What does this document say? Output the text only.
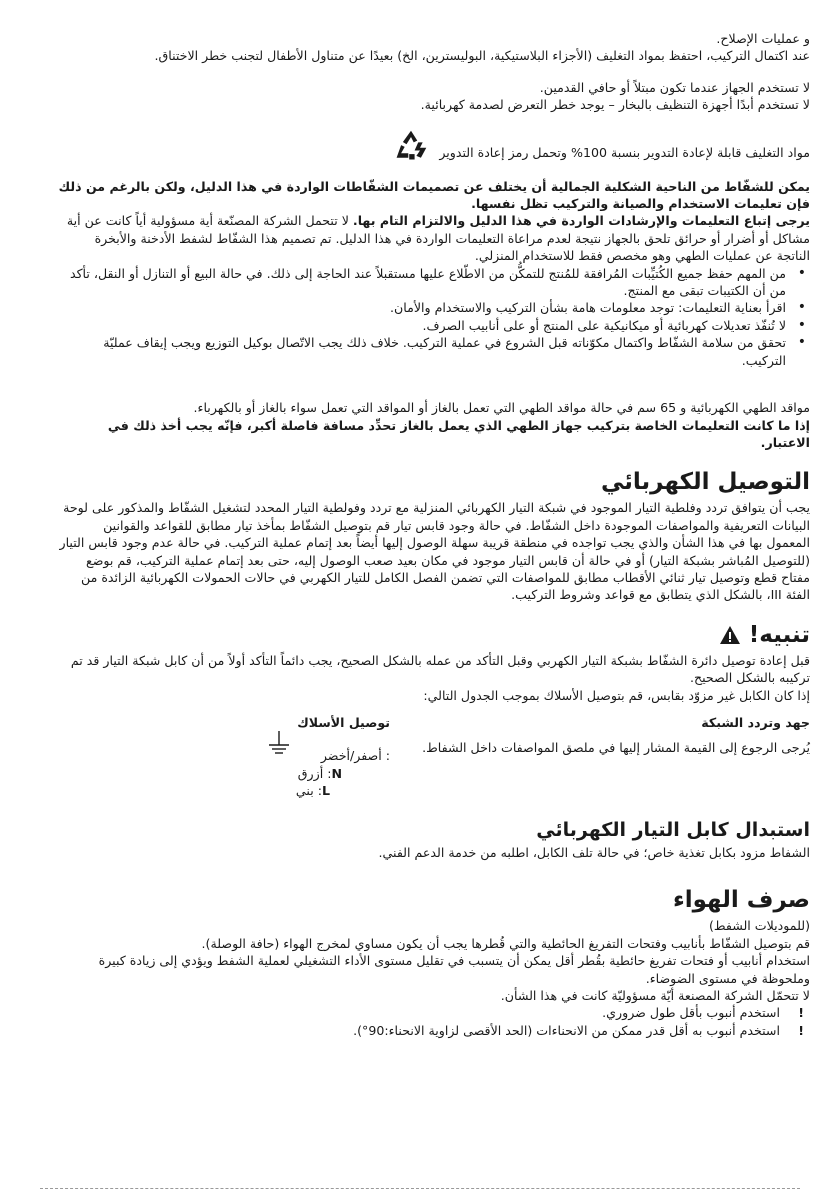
و عمليات الإصلاح.

عند اكتمال التركيب، احتفظ بمواد التغليف (الأجزاء البلاستيكية، البوليسترين، الخ) بعيدًا عن متناول الأطفال لتجنب خطر الاختناق.

لا تستخدم الجهاز عندما تكون مبتلاً أو حافي القدمين.

لا تستخدم أبدًا أجهزة التنظيف بالبخار – يوجد خطر التعرض لصدمة كهربائية.

مواد التغليف قابلة لإعادة التدوير بنسبة 100% وتحمل رمز إعادة التدوير

يمكن للشفّاط من الناحية الشكلية الجمالية أن يختلف عن تصميمات الشفّاطات الواردة في هذا الدليل، ولكن بالرغم من ذلك فإن تعليمات الاستخدام والصيانة والتركيب تظل نفسها.

يرجى إتباع التعليمات والإرشادات الواردة في هذا الدليل والالتزام التام بها. لا تتحمل الشركة المصنّعة أية مسؤولية أياً كانت عن أية مشاكل أو أضرار أو حرائق تلحق بالجهاز نتيجة لعدم مراعاة التعليمات الواردة في هذا الدليل. تم تصميم هذا الشفّاط لشفط الأدخنة والأبخرة الناتجة عن عمليات الطهي وهو مخصص فقط للاستخدام المنزلي.

• من المهم حفظ جميع الكُتيِّبات المُرافقة للمُنتج للتمكُّن من الاطّلاع عليها مستقبلاً عند الحاجة إلى ذلك. في حالة البيع أو التنازل أو النقل، تأكد من أن الكتيبات تبقى مع المنتج.
• اقرأ بعناية التعليمات: توجد معلومات هامة بشأن التركيب والاستخدام والأمان.
• لا تُنفّذ تعديلات كهربائية أو ميكانيكية على المنتج أو على أنابيب الصرف.
• تحقق من سلامة الشفّاط واكتمال مكوّناته قبل الشروع في عملية التركيب. خلاف ذلك يجب الاتّصال بوكيل التوزيع ويجب إيقاف عمليّة التركيب.

مواقد الطهي الكهربائية و 65 سم في حالة مواقد الطهي التي تعمل بالغاز أو المواقد التي تعمل سواء بالغاز أو بالكهرباء.

إذا ما كانت التعليمات الخاصة بتركيب جهاز الطهي الذي يعمل بالغاز تحدِّد مسافة فاصلة أكبر، فإنّه يجب أخذ ذلك في الاعتبار.

التوصيل الكهربائي

يجب أن يتوافق تردد وفلطية التيار الموجود في شبكة التيار الكهربائي المنزلية مع تردد وفولطية التيار المحدد لتشغيل الشفّاط والمذكور على لوحة البيانات التعريفية والمواصفات الموجودة داخل الشفّاط. في حالة وجود قابس تيار قم بتوصيل الشفّاط بمأخذ تيار مطابق للقواعد والقوانين المعمول بها في هذا الشأن والذي يجب تواجده في منطقة قريبة سهلة الوصول إليها أيضاً بعد إتمام عملية التركيب. في حالة عدم وجود قابس التيار (للتوصيل المُباشر بشبكة التيار) أو في حالة أن قابس التيار موجود في مكان بعيد صعب الوصول إليه، حتى بعد إتمام عملية التركيب، قم بوضع مفتاح قطع وتوصيل تيار ثنائي الأقطاب مطابق للمواصفات التي تضمن الفصل الكامل للتيار الكهربي في حالات الحمولات الكهربائية الزائدة من الفئة III، بالشكل الذي يتطابق مع قواعد وشروط التركيب.

تنبيه!

قبل إعادة توصيل دائرة الشفّاط بشبكة التيار الكهربي وقبل التأكد من عمله بالشكل الصحيح، يجب دائماً التأكد أولاً من أن كابل شبكة التيار قد تم تركيبه بالشكل الصحيح.

إذا كان الكابل غير مزوّد بقابس، قم بتوصيل الأسلاك بموجب الجدول التالي:

جهد وتردد الشبكة

يُرجى الرجوع إلى القيمة المشار إليها في ملصق المواصفات داخل الشفاط.

توصيل الأسلاك

: أصفر/أخضر

N: أزرق

L: بني

استبدال كابل التيار الكهربائي

الشفاط مزود بكابل تغذية خاص؛ في حالة تلف الكابل، اطلبه من خدمة الدعم الفني.

صرف الهواء

(للموديلات الشفط)

قم بتوصيل الشفّاط بأنابيب وفتحات التفريغ الحائطية والتي قُطرها يجب أن يكون مساوي لمخرج الهواء (حافة الوصلة).

استخدام أنابيب أو فتحات تفريغ حائطية بقُطر أقل يمكن أن يتسبب في تقليل مستوى الأداء التشغيلي لعملية الشفط ويؤدي إلى زيادة كبيرة وملحوظة في مستوى الضوضاء.

لا تتحمّل الشركة المصنعة أيّة مسؤوليّة كانت في هذا الشأن.

! استخدم أنبوب بأقل طول ضروري.
! استخدم أنبوب به أقل قدر ممكن من الانحناءات (الحد الأقصى لزاوية الانحناء:90°).
